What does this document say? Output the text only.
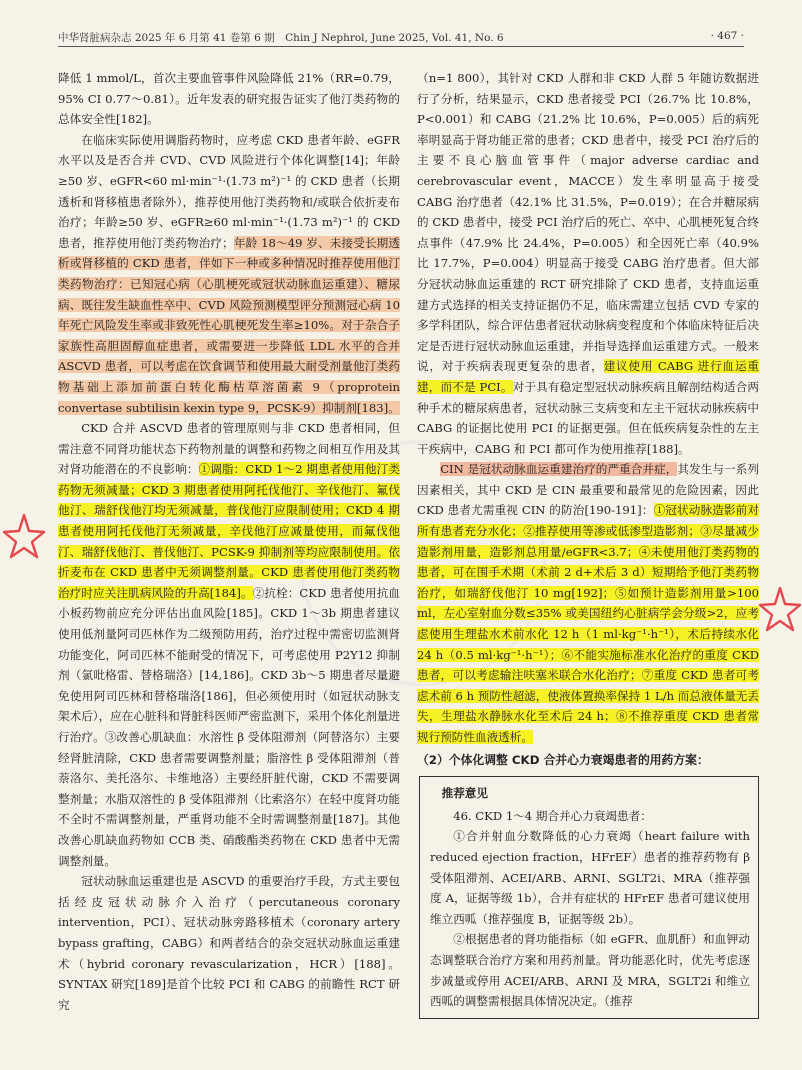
中华肾脏病杂志 2025 年 6 月第 41 卷第 6 期　Chin J Nephrol, June 2025, Vol. 41, No. 6	· 467 ·

降低 1 mmol/L，首次主要血管事件风险降低 21%（RR=0.79，95% CI 0.77～0.81）。近年发表的研究报告证实了他汀类药物的总体安全性[182]。

在临床实际使用调脂药物时，应考虑 CKD 患者年龄、eGFR 水平以及是否合并 CVD、CVD 风险进行个体化调整[14]；年龄≥50 岁、eGFR<60 ml·min⁻¹·(1.73 m²)⁻¹ 的 CKD 患者（长期透析和肾移植患者除外），推荐使用他汀类药物和/或联合依折麦布治疗；年龄≥50 岁、eGFR≥60 ml·min⁻¹·(1.73 m²)⁻¹ 的 CKD 患者，推荐使用他汀类药物治疗；年龄 18～49 岁、未接受长期透析或肾移植的 CKD 患者，伴如下一种或多种情况时推荐使用他汀类药物治疗：已知冠心病（心肌梗死或冠状动脉血运重建）、糖尿病、既往发生缺血性卒中、CVD 风险预测模型评分预测冠心病 10 年死亡风险发生率或非致死性心肌梗死发生率≥10%。对于杂合子家族性高胆固醇血症患者，或需要进一步降低 LDL 水平的合并 ASCVD 患者，可以考虑在饮食调节和使用最大耐受剂量他汀类药物基础上添加前蛋白转化酶枯草溶菌素 9（proprotein convertase subtilisin kexin type 9，PCSK-9）抑制剂[183]。

CKD 合并 ASCVD 患者的管理原则与非 CKD 患者相同，但需注意不同肾功能状态下药物剂量的调整和药物之间相互作用及其对肾功能潜在的不良影响：①调脂：CKD 1～2 期患者使用他汀类药物无须减量；CKD 3 期患者使用阿托伐他汀、辛伐他汀、氟伐他汀、瑞舒伐他汀均无须减量，普伐他汀应限制使用；CKD 4 期患者使用阿托伐他汀无须减量，辛伐他汀应减量使用，而氟伐他汀、瑞舒伐他汀、普伐他汀、PCSK-9 抑制剂等均应限制使用。依折麦布在 CKD 患者中无须调整剂量。CKD 患者使用他汀类药物治疗时应关注肌病风险的升高[184]。②抗栓：CKD 患者使用抗血小板药物前应充分评估出血风险[185]。CKD 1～3b 期患者建议使用低剂量阿司匹林作为二级预防用药，治疗过程中需密切监测肾功能变化，阿司匹林不能耐受的情况下，可考虑使用 P2Y12 抑制剂（氯吡格雷、替格瑞洛）[14,186]。CKD 3b～5 期患者尽量避免使用阿司匹林和替格瑞洛[186]，但必须使用时（如冠状动脉支架术后），应在心脏科和肾脏科医师严密监测下，采用个体化剂量进行治疗。③改善心肌缺血：水溶性 β 受体阻滞剂（阿替洛尔）主要经肾脏清除，CKD 患者需要调整剂量；脂溶性 β 受体阻滞剂（普萘洛尔、美托洛尔、卡维地洛）主要经肝脏代谢，CKD 不需要调整剂量；水脂双溶性的 β 受体阻滞剂（比索洛尔）在轻中度肾功能不全时不需调整剂量，严重肾功能不全时需调整剂量[187]。其他改善心肌缺血药物如 CCB 类、硝酸酯类药物在 CKD 患者中无需调整剂量。

冠状动脉血运重建也是 ASCVD 的重要治疗手段，方式主要包括经皮冠状动脉介入治疗（percutaneous coronary intervention，PCI）、冠状动脉旁路移植术（coronary artery bypass grafting，CABG）和两者结合的杂交冠状动脉血运重建术（hybrid coronary revascularization，HCR）[188]。SYNTAX 研究[189]是首个比较 PCI 和 CABG 的前瞻性 RCT 研究

（n=1 800），其针对 CKD 人群和非 CKD 人群 5 年随访数据进行了分析，结果显示，CKD 患者接受 PCI（26.7% 比 10.8%，P<0.001）和 CABG（21.2% 比 10.6%，P=0.005）后的病死率明显高于肾功能正常的患者；CKD 患者中，接受 PCI 治疗后的主要不良心脑血管事件（major adverse cardiac and cerebrovascular event，MACCE）发生率明显高于接受 CABG 治疗患者（42.1% 比 31.5%，P=0.019）；在合并糖尿病的 CKD 患者中，接受 PCI 治疗后的死亡、卒中、心肌梗死复合终点事件（47.9% 比 24.4%，P=0.005）和全因死亡率（40.9% 比 17.7%，P=0.004）明显高于接受 CABG 治疗患者。但大部分冠状动脉血运重建的 RCT 研究排除了 CKD 患者，支持血运重建方式选择的相关支持证据仍不足，临床需建立包括 CVD 专家的多学科团队，综合评估患者冠状动脉病变程度和个体临床特征后决定是否进行冠状动脉血运重建，并指导选择血运重建方式。一般来说，对于疾病表现更复杂的患者，建议使用 CABG 进行血运重建，而不是 PCI。对于具有稳定型冠状动脉疾病且解剖结构适合两种手术的糖尿病患者，冠状动脉三支病变和左主干冠状动脉疾病中 CABG 的证据比使用 PCI 的证据更强。但在低疾病复杂性的左主干疾病中，CABG 和 PCI 都可作为使用推荐[188]。

CIN 是冠状动脉血运重建治疗的严重合并症，其发生与一系列因素相关，其中 CKD 是 CIN 最重要和最常见的危险因素，因此 CKD 患者尤需重视 CIN 的防治[190-191]：①冠状动脉造影前对所有患者充分水化；②推荐使用等渗或低渗型造影剂；③尽量减少造影剂用量，造影剂总用量/eGFR<3.7；④未使用他汀类药物的患者，可在围手术期（术前 2 d+术后 3 d）短期给予他汀类药物治疗，如瑞舒伐他汀 10 mg[192]；⑤如预计造影剂用量>100 ml，左心室射血分数≤35% 或美国纽约心脏病学会分级>2，应考虑使用生理盐水术前水化 12 h（1 ml·kg⁻¹·h⁻¹），术后持续水化 24 h（0.5 ml·kg⁻¹·h⁻¹）；⑥不能实施标准水化治疗的重度 CKD 患者，可以考虑输注呋塞米联合水化治疗；⑦重度 CKD 患者可考虑术前 6 h 预防性超滤，使液体置换率保持 1 L/h 而总液体量无丢失，生理盐水静脉水化至术后 24 h；⑧不推荐重度 CKD 患者常规行预防性血液透析。

（2）个体化调整 CKD 合并心力衰竭患者的用药方案：

推荐意见

46. CKD 1～4 期合并心力衰竭患者：

①合并射血分数降低的心力衰竭（heart failure with reduced ejection fraction，HFrEF）患者的推荐药物有 β 受体阻滞剂、ACEI/ARB、ARNI、SGLT2i、MRA（推荐强度 A，证据等级 1b），合并有症状的 HFrEF 患者可建议使用维立西呱（推荐强度 B，证据等级 2b）。

②根据患者的肾功能指标（如 eGFR、血肌酐）和血钾动态调整联合治疗方案和用药剂量。肾功能恶化时，优先考虑逐步减量或停用 ACEI/ARB、ARNI 及 MRA，SGLT2i 和维立西呱的调整需根据具体情况决定。（推荐
